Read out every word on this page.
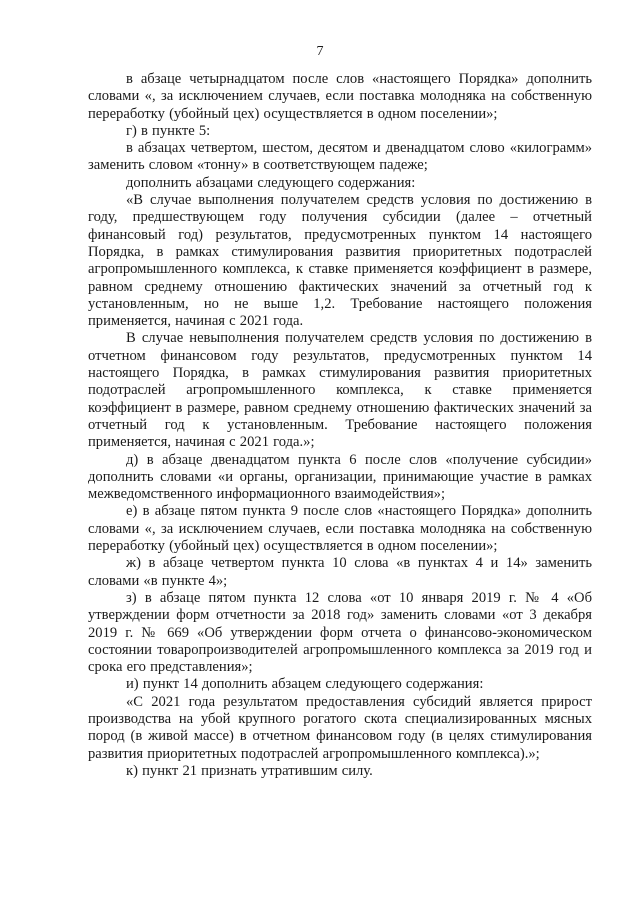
7

в абзаце четырнадцатом после слов «настоящего Порядка» дополнить словами «, за исключением случаев, если поставка молодняка на собственную переработку (убойный цех) осуществляется в одном поселении»;

г) в пункте 5:

в абзацах четвертом, шестом, десятом и двенадцатом слово «килограмм» заменить словом «тонну» в соответствующем падеже;

дополнить абзацами следующего содержания:

«В случае выполнения получателем средств условия по достижению в году, предшествующем году получения субсидии (далее – отчетный финансовый год) результатов, предусмотренных пунктом 14 настоящего Порядка, в рамках стимулирования развития приоритетных подотраслей агропромышленного комплекса, к ставке применяется коэффициент в размере, равном среднему отношению фактических значений за отчетный год к установленным, но не выше 1,2. Требование настоящего положения применяется, начиная с 2021 года.

В случае невыполнения получателем средств условия по достижению в отчетном финансовом году результатов, предусмотренных пунктом 14 настоящего Порядка, в рамках стимулирования развития приоритетных подотраслей агропромышленного комплекса, к ставке применяется коэффициент в размере, равном среднему отношению фактических значений за отчетный год к установленным. Требование настоящего положения применяется, начиная с 2021 года.»;

д) в абзаце двенадцатом пункта 6 после слов «получение субсидии» дополнить словами «и органы, организации, принимающие участие в рамках межведомственного информационного взаимодействия»;

е) в абзаце пятом пункта 9 после слов «настоящего Порядка» дополнить словами «, за исключением случаев, если поставка молодняка на собственную переработку (убойный цех) осуществляется в одном поселении»;

ж) в абзаце четвертом пункта 10 слова «в пунктах 4 и 14» заменить словами «в пункте 4»;

з) в абзаце пятом пункта 12 слова «от 10 января 2019 г. № 4 «Об утверждении форм отчетности за 2018 год» заменить словами «от 3 декабря 2019 г. № 669 «Об утверждении форм отчета о финансово-экономическом состоянии товаропроизводителей агропромышленного комплекса за 2019 год и срока его представления»;

и) пункт 14 дополнить абзацем следующего содержания:

«С 2021 года результатом предоставления субсидий является прирост производства на убой крупного рогатого скота специализированных мясных пород (в живой массе) в отчетном финансовом году (в целях стимулирования развития приоритетных подотраслей агропромышленного комплекса).»;

к) пункт 21 признать утратившим силу.
